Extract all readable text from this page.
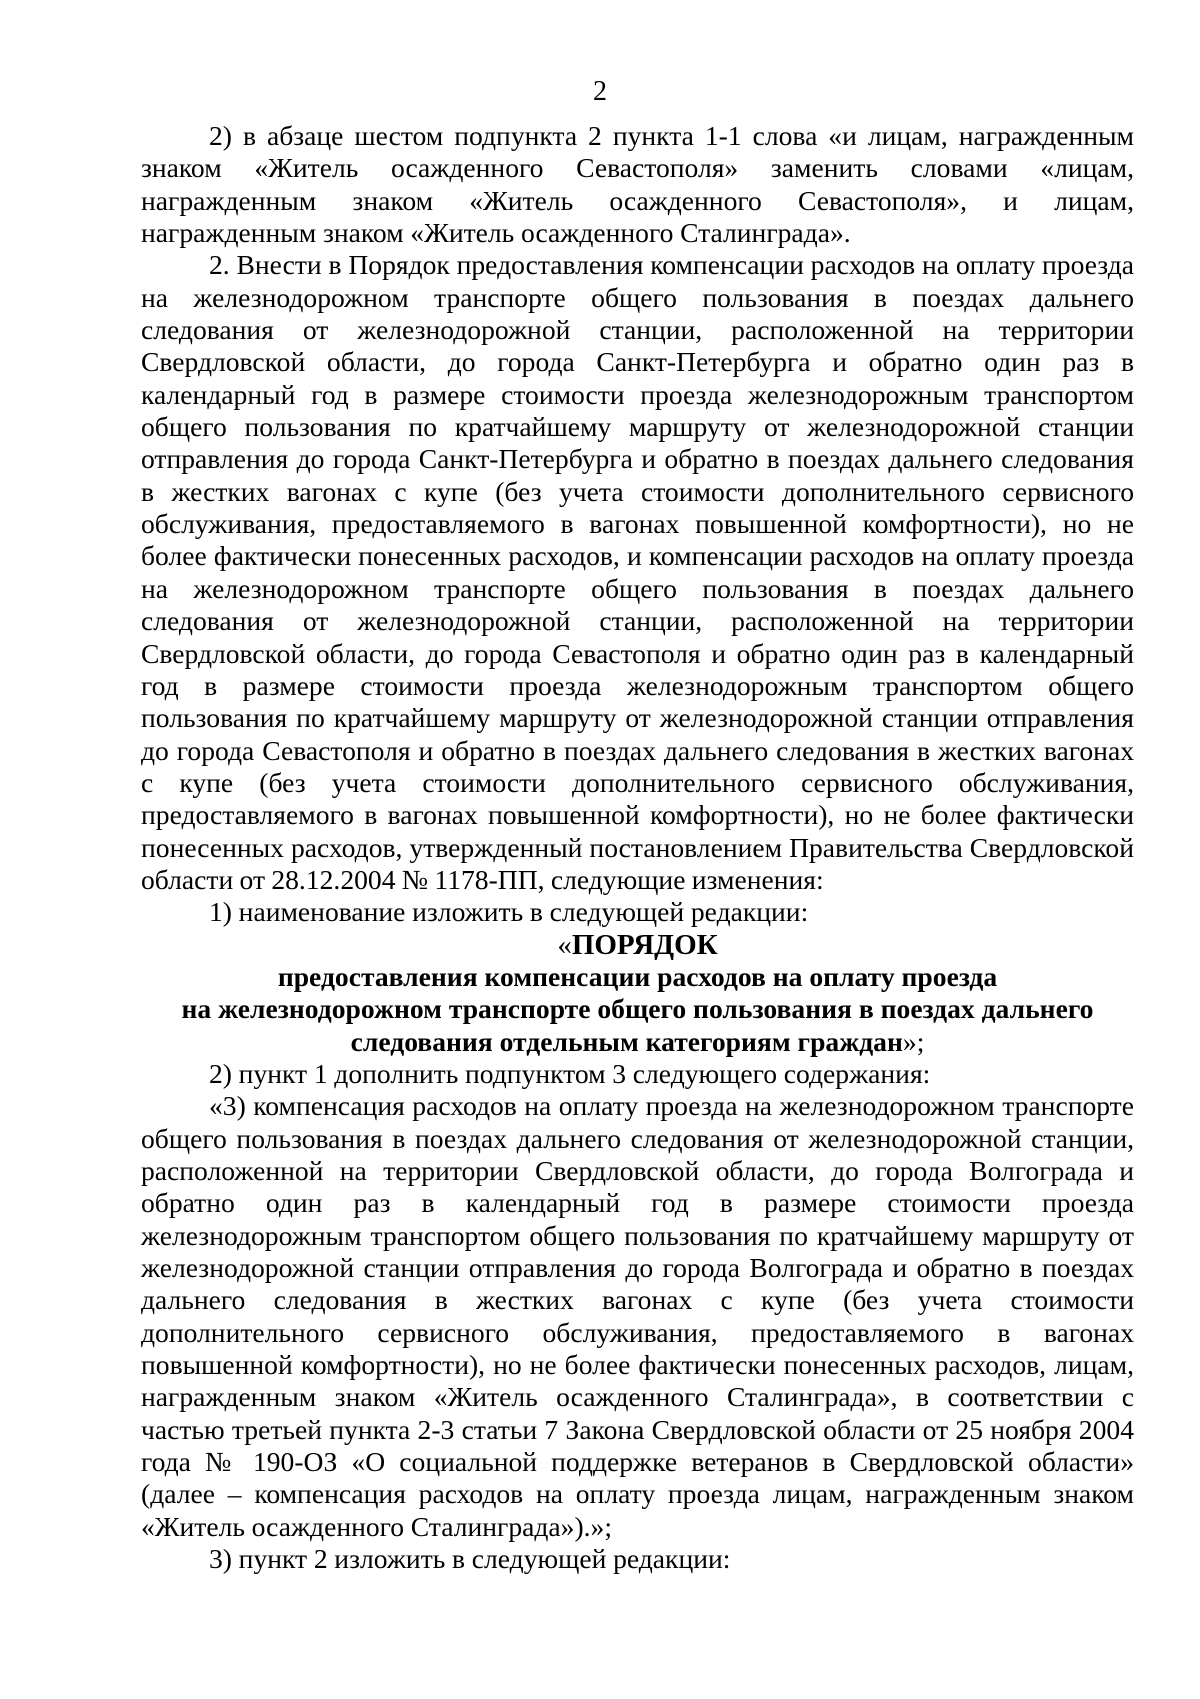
2

2) в абзаце шестом подпункта 2 пункта 1-1 слова «и лицам, награжденным знаком «Житель осажденного Севастополя» заменить словами «лицам, награжденным знаком «Житель осажденного Севастополя», и лицам, награжденным знаком «Житель осажденного Сталинграда».

2. Внести в Порядок предоставления компенсации расходов на оплату проезда на железнодорожном транспорте общего пользования в поездах дальнего следования от железнодорожной станции, расположенной на территории Свердловской области, до города Санкт-Петербурга и обратно один раз в календарный год в размере стоимости проезда железнодорожным транспортом общего пользования по кратчайшему маршруту от железнодорожной станции отправления до города Санкт-Петербурга и обратно в поездах дальнего следования в жестких вагонах с купе (без учета стоимости дополнительного сервисного обслуживания, предоставляемого в вагонах повышенной комфортности), но не более фактически понесенных расходов, и компенсации расходов на оплату проезда на железнодорожном транспорте общего пользования в поездах дальнего следования от железнодорожной станции, расположенной на территории Свердловской области, до города Севастополя и обратно один раз в календарный год в размере стоимости проезда железнодорожным транспортом общего пользования по кратчайшему маршруту от железнодорожной станции отправления до города Севастополя и обратно в поездах дальнего следования в жестких вагонах с купе (без учета стоимости дополнительного сервисного обслуживания, предоставляемого в вагонах повышенной комфортности), но не более фактически понесенных расходов, утвержденный постановлением Правительства Свердловской области от 28.12.2004 № 1178-ПП, следующие изменения:

1) наименование изложить в следующей редакции:

«ПОРЯДОК

предоставления компенсации расходов на оплату проезда

на железнодорожном транспорте общего пользования в поездах дальнего

следования отдельным категориям граждан»;

2) пункт 1 дополнить подпунктом 3 следующего содержания:

«3) компенсация расходов на оплату проезда на железнодорожном транспорте общего пользования в поездах дальнего следования от железнодорожной станции, расположенной на территории Свердловской области, до города Волгограда и обратно один раз в календарный год в размере стоимости проезда железнодорожным транспортом общего пользования по кратчайшему маршруту от железнодорожной станции отправления до города Волгограда и обратно в поездах дальнего следования в жестких вагонах с купе (без учета стоимости дополнительного сервисного обслуживания, предоставляемого в вагонах повышенной комфортности), но не более фактически понесенных расходов, лицам, награжденным знаком «Житель осажденного Сталинграда», в соответствии с частью третьей пункта 2-3 статьи 7 Закона Свердловской области от 25 ноября 2004 года № 190-ОЗ «О социальной поддержке ветеранов в Свердловской области» (далее – компенсация расходов на оплату проезда лицам, награжденным знаком «Житель осажденного Сталинграда»).»;

3) пункт 2 изложить в следующей редакции:
